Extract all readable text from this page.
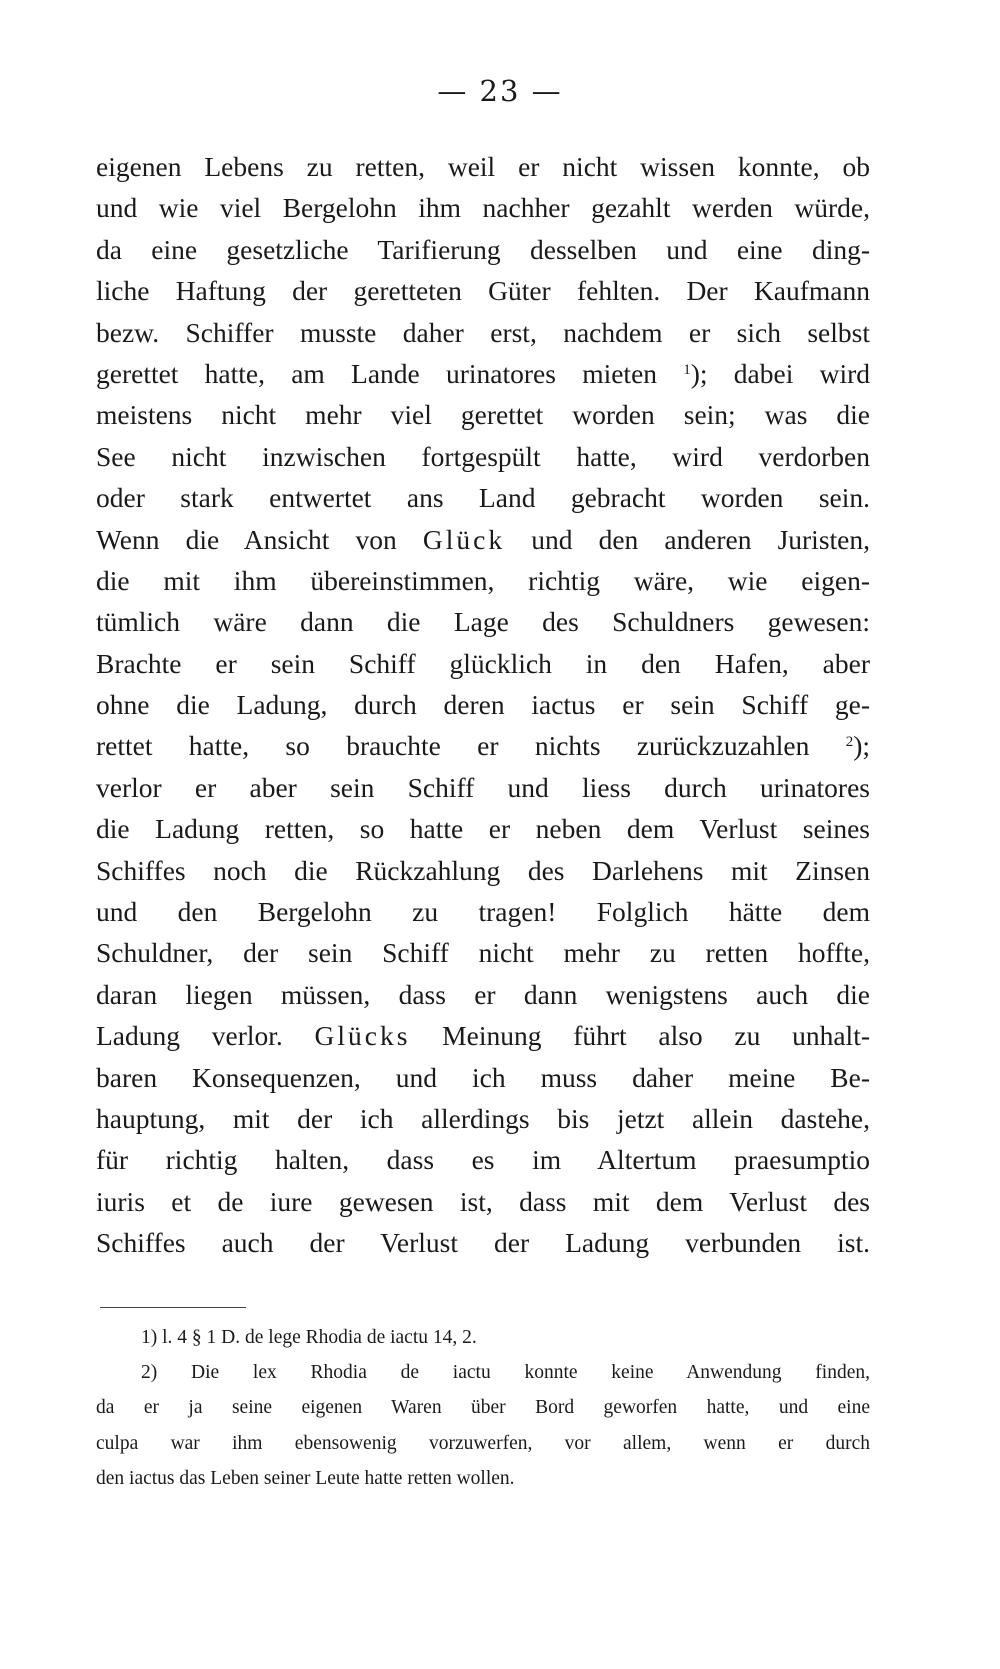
— 23 —
eigenen Lebens zu retten, weil er nicht wissen konnte, ob
und wie viel Bergelohn ihm nachher gezahlt werden würde,
da eine gesetzliche Tarifierung desselben und eine ding-
liche Haftung der geretteten Güter fehlten. Der Kaufmann
bezw. Schiffer musste daher erst, nachdem er sich selbst
gerettet hatte, am Lande urinatores mieten $^1$); dabei wird
meistens nicht mehr viel gerettet worden sein; was die
See nicht inzwischen fortgespült hatte, wird verdorben
oder stark entwertet ans Land gebracht worden sein.
Wenn die Ansicht von Glück und den anderen Juristen,
die mit ihm übereinstimmen, richtig wäre, wie eigen-
tümlich wäre dann die Lage des Schuldners gewesen:
Brachte er sein Schiff glücklich in den Hafen, aber
ohne die Ladung, durch deren iactus er sein Schiff ge-
rettet hatte, so brauchte er nichts zurückzuzahlen $^2$);
verlor er aber sein Schiff und liess durch urinatores
die Ladung retten, so hatte er neben dem Verlust seines
Schiffes noch die Rückzahlung des Darlehens mit Zinsen
und den Bergelohn zu tragen! Folglich hätte dem
Schuldner, der sein Schiff nicht mehr zu retten hoffte,
daran liegen müssen, dass er dann wenigstens auch die
Ladung verlor. Glücks Meinung führt also zu unhalt-
baren Konsequenzen, und ich muss daher meine Be-
hauptung, mit der ich allerdings bis jetzt allein dastehe,
für richtig halten, dass es im Altertum praesumptio
iuris et de iure gewesen ist, dass mit dem Verlust des
Schiffes auch der Verlust der Ladung verbunden ist.
1) l. 4 § 1 D. de lege Rhodia de iactu 14, 2.
2) Die lex Rhodia de iactu konnte keine Anwendung finden,
da er ja seine eigenen Waren über Bord geworfen hatte, und eine
culpa war ihm ebensowenig vorzuwerfen, vor allem, wenn er durch
den iactus das Leben seiner Leute hatte retten wollen.
